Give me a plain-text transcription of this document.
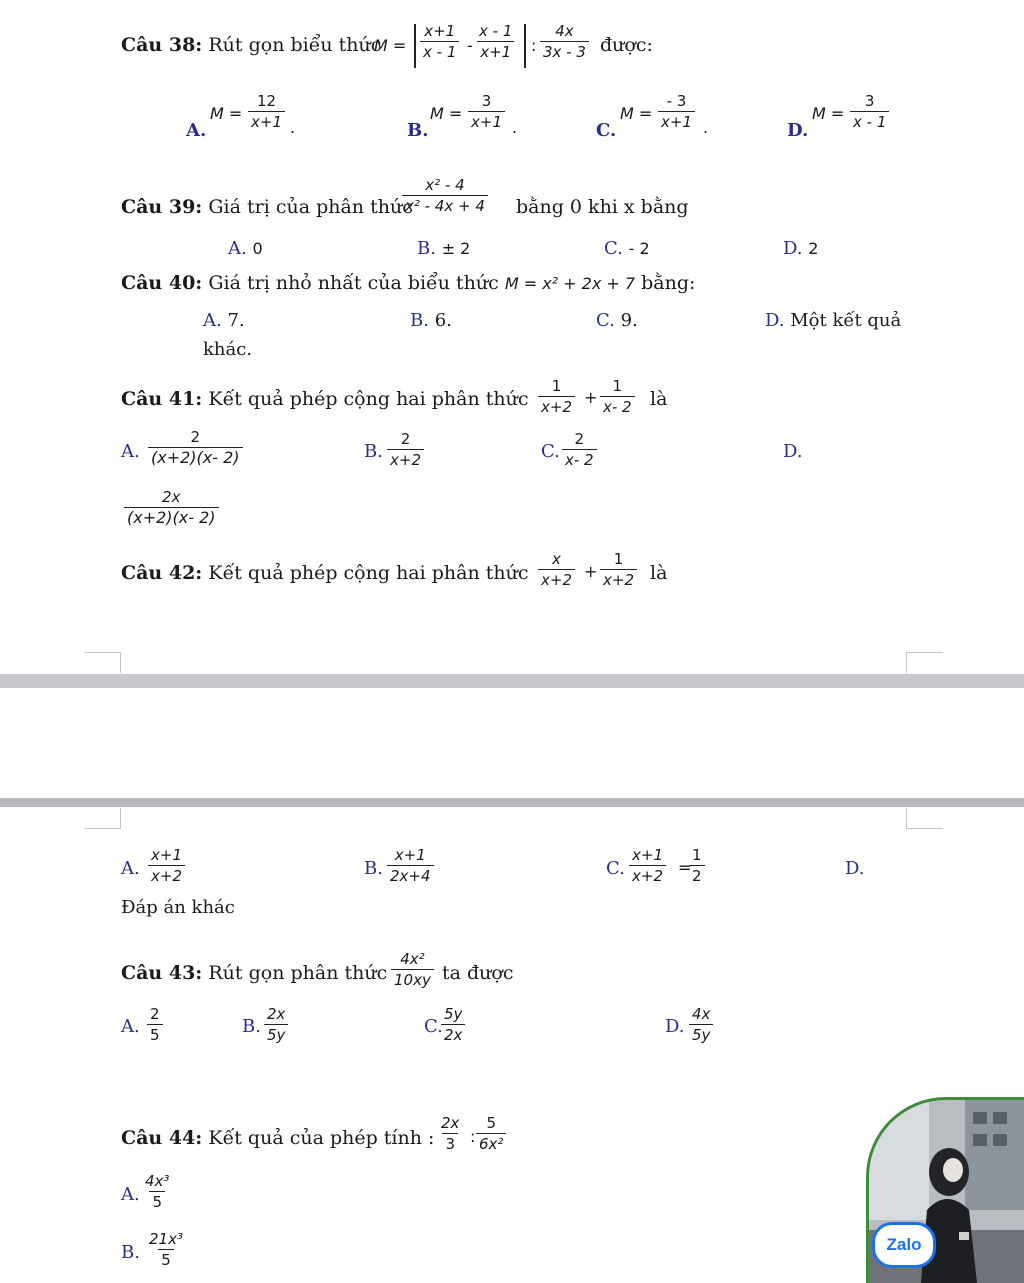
Câu 38: Rút gọn biểu thức
$M = \frac{x+1}{x - 1} - \frac{x - 1}{x+1}$ : $\frac{4x}{3x - 3}$ được:
A.
$M = \frac{12}{x+1}$ .	B.
$M = \frac{3}{x+1}$ .	C.
$M = \frac{- 3}{x+1}$ .	D.
$M = \frac{3}{x - 1}$
Câu 39: Giá trị của phân thức
$\frac{\text{x² - 4}}{\text{x² - 4x + 4}}$ bằng 0 khi x bằng
A. 0	B. ± 2	C. - 2	D. 2
Câu 40: Giá trị nhỏ nhất của biểu thức M = x² + 2x + 7 bằng:
A. 7.	B. 6.	C. 9.	D. Một kết quả
khác.
Câu 41: Kết quả phép cộng hai phân thức $\frac{1}{x+2} + \frac{1}{x- 2}$ là
A. $\frac{2}{(x+2)(x- 2)}$	B. $\frac{2}{x+2}$	C. $\frac{2}{x- 2}$	D.
$\frac{2x}{(x+2)(x- 2)}$
Câu 42: Kết quả phép cộng hai phân thức $\frac{x}{x+2} + \frac{1}{x+2}$ là
A. $\frac{x+1}{x+2}$	B. $\frac{x+1}{2x+4}$	C. $\frac{x+1}{x+2}$ =
$\frac{1}{2}$	D.
Đáp án khác
Câu 43: Rút gọn phân thức $\frac{\text{4x²}}{10xy}$ ta được
A. $\frac{2}{5}$	B. $\frac{2x}{5y}$	C.
$\frac{5y}{2x}$	D. $\frac{4x}{5y}$
Câu 44: Kết quả của phép tính : $\frac{2x}{3}$ : $\frac{5}{\text{6x²}}$
A. $\frac{\text{4x³}}{5}$
B. $\frac{\text{21x³}}{5}$	Zalo
